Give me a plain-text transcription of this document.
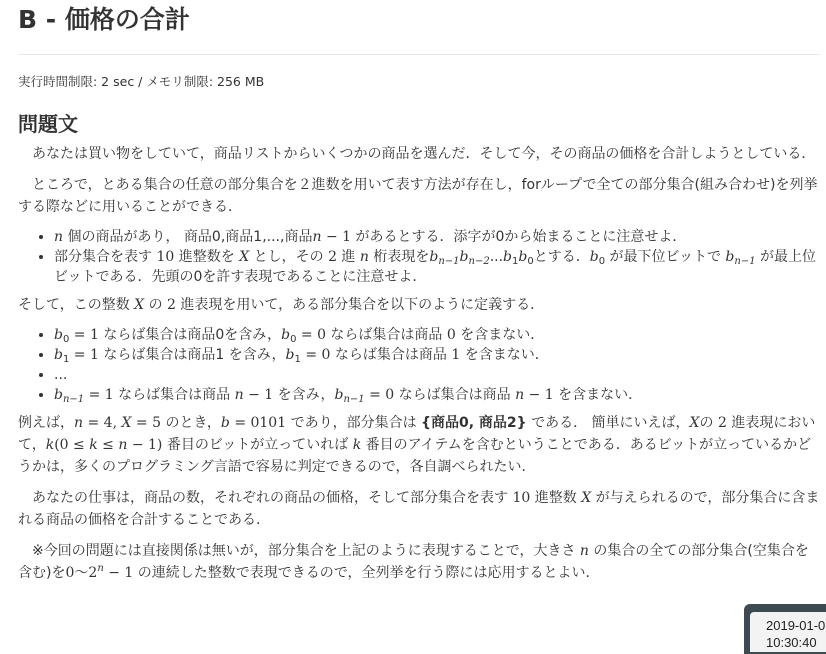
B - 価格の合計
実行時間制限: 2 sec / メモリ制限: 256 MB
問題文

　あなたは買い物をしていて，商品リストからいくつかの商品を選んだ．そして今，その商品の価格を合計しようとしている．

　ところで，とある集合の任意の部分集合を２進数を用いて表す方法が存在し，forループで全ての部分集合(組み合わせ)を列挙する際などに用いることができる．

• n 個の商品があり， 商品0,商品1,...,商品n − 1 があるとする．添字が0から始まることに注意せよ．
• 部分集合を表す 10 進整数を X とし，その 2 進 n 桁表現を$b_{n-1}b_{n-2}...b_1b_0$とする．$b_0$ が最下位ビットで $b_{n-1}$ が最上位ビットである．先頭の0を許す表現であることに注意せよ．

そして，この整数 X の 2 進表現を用いて，ある部分集合を以下のように定義する．

• $b_0 = 1$ ならば集合は商品0を含み，$b_0 = 0$ ならば集合は商品 0 を含まない．
• $b_1 = 1$ ならば集合は商品1 を含み，$b_1 = 0$ ならば集合は商品 1 を含まない．
• ...
• $b_{n-1} = 1$ ならば集合は商品 n − 1 を含み，$b_{n-1} = 0$ ならば集合は商品 n − 1 を含まない．

例えば，n = 4, X = 5 のとき，b = 0101 であり，部分集合は {商品0, 商品2} である． 簡単にいえば，Xの 2 進表現において，k(0 ≤ k ≤ n − 1) 番目のビットが立っていれば k 番目のアイテムを含むということである．あるビットが立っているかどうかは，多くのプログラミング言語で容易に判定できるので，各自調べられたい．

　あなたの仕事は，商品の数，それぞれの商品の価格，そして部分集合を表す 10 進整数 X が与えられるので，部分集合に含まれる商品の価格を合計することである．

　※今回の問題には直接関係は無いが，部分集合を上記のように表現することで，大きさ n の集合の全ての部分集合(空集合を含む)を0〜$2^n - 1$ の連続した整数で表現できるので，全列挙を行う際には応用するとよい．

2019-01-0
10:30:40
